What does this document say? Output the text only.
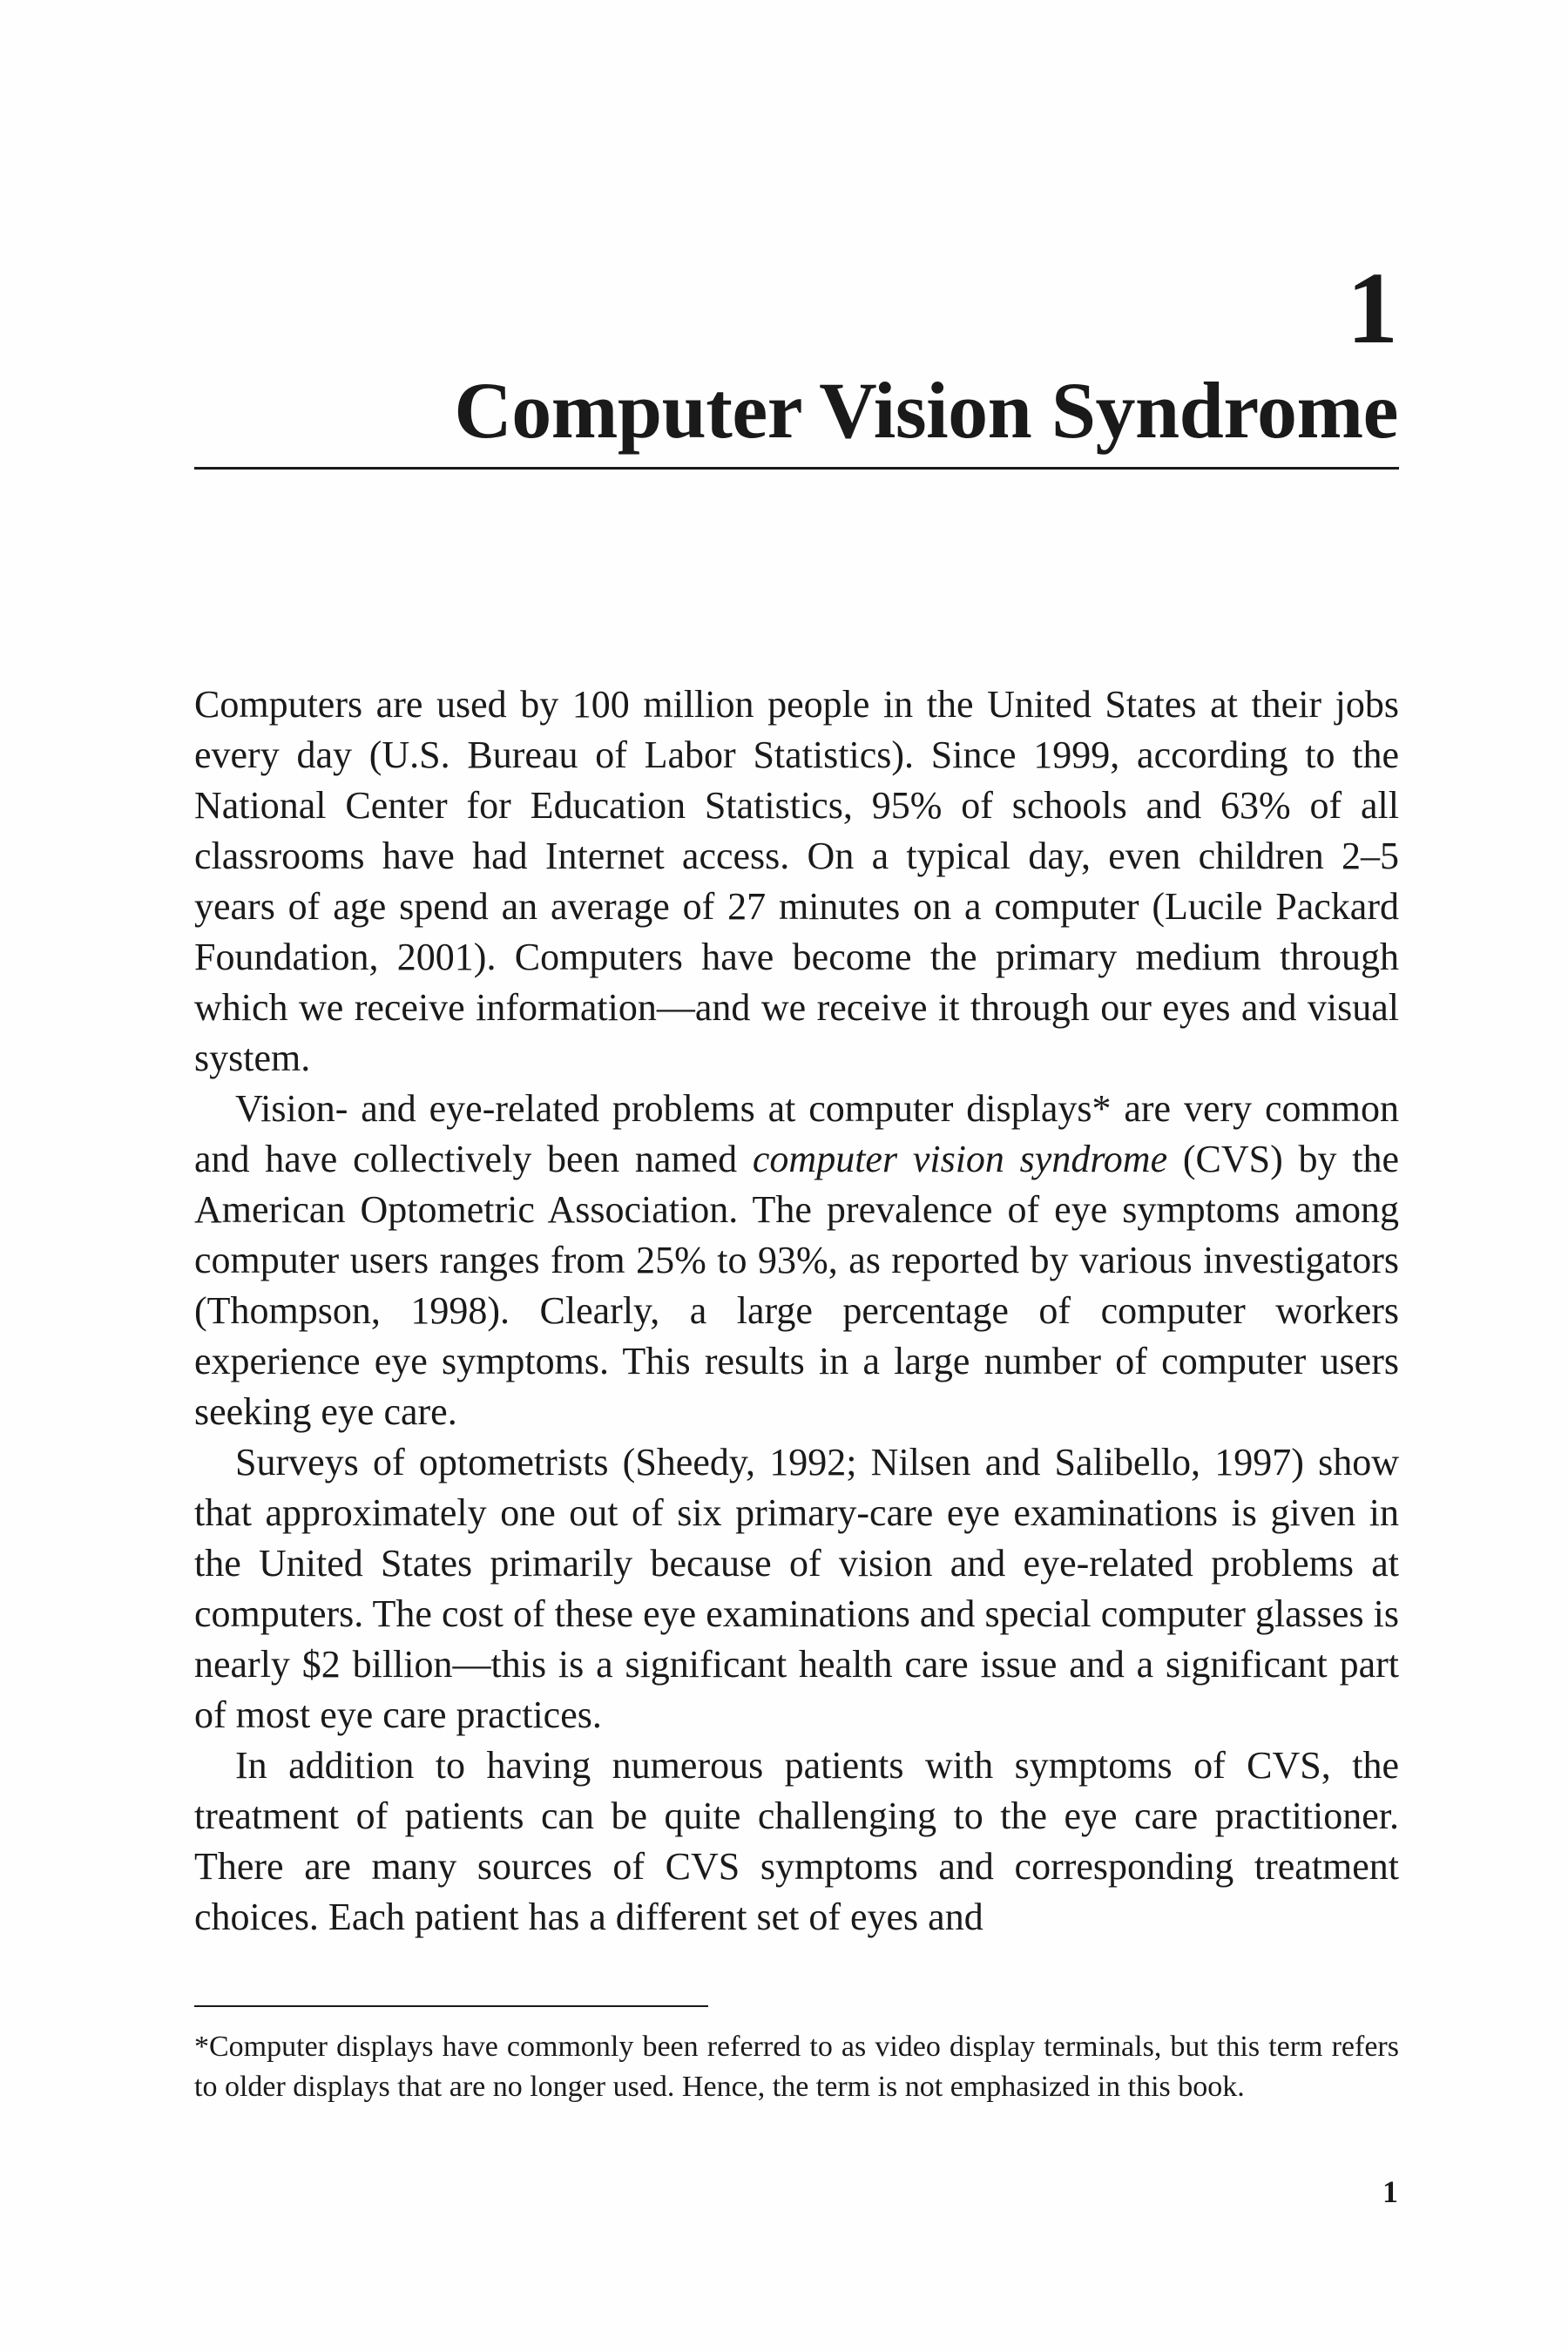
1
Computer Vision Syndrome

Computers are used by 100 million people in the United States at their jobs every day (U.S. Bureau of Labor Statistics). Since 1999, according to the National Center for Education Statistics, 95% of schools and 63% of all classrooms have had Internet access. On a typical day, even children 2–5 years of age spend an average of 27 minutes on a computer (Lucile Packard Foundation, 2001). Computers have become the primary medium through which we receive information—and we receive it through our eyes and visual system.

Vision- and eye-related problems at computer displays* are very common and have collectively been named computer vision syndrome (CVS) by the American Optometric Association. The prevalence of eye symptoms among computer users ranges from 25% to 93%, as reported by various investigators (Thompson, 1998). Clearly, a large percentage of computer workers experience eye symptoms. This results in a large number of computer users seeking eye care.

Surveys of optometrists (Sheedy, 1992; Nilsen and Salibello, 1997) show that approximately one out of six primary-care eye examinations is given in the United States primarily because of vision and eye-related problems at computers. The cost of these eye examinations and special computer glasses is nearly $2 billion—this is a significant health care issue and a significant part of most eye care practices.

In addition to having numerous patients with symptoms of CVS, the treatment of patients can be quite challenging to the eye care practitioner. There are many sources of CVS symptoms and corresponding treatment choices. Each patient has a different set of eyes and

*Computer displays have commonly been referred to as video display terminals, but this term refers to older displays that are no longer used. Hence, the term is not emphasized in this book.

1
